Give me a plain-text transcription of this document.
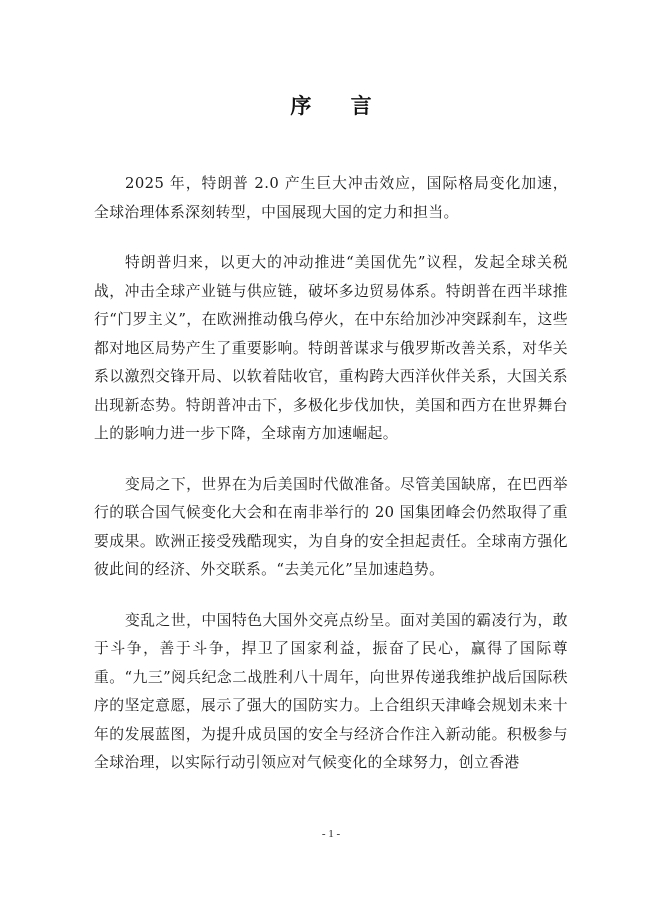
序 言

2025 年，特朗普 2.0 产生巨大冲击效应，国际格局变化加速，全球治理体系深刻转型，中国展现大国的定力和担当。

特朗普归来，以更大的冲动推进“美国优先”议程，发起全球关税战，冲击全球产业链与供应链，破坏多边贸易体系。特朗普在西半球推行“门罗主义”，在欧洲推动俄乌停火，在中东给加沙冲突踩刹车，这些都对地区局势产生了重要影响。特朗普谋求与俄罗斯改善关系，对华关系以激烈交锋开局、以软着陆收官，重构跨大西洋伙伴关系，大国关系出现新态势。特朗普冲击下，多极化步伐加快，美国和西方在世界舞台上的影响力进一步下降，全球南方加速崛起。

变局之下，世界在为后美国时代做准备。尽管美国缺席，在巴西举行的联合国气候变化大会和在南非举行的 20 国集团峰会仍然取得了重要成果。欧洲正接受残酷现实，为自身的安全担起责任。全球南方强化彼此间的经济、外交联系。“去美元化”呈加速趋势。

变乱之世，中国特色大国外交亮点纷呈。面对美国的霸凌行为，敢于斗争，善于斗争，捍卫了国家利益，振奋了民心，赢得了国际尊重。“九三”阅兵纪念二战胜利八十周年，向世界传递我维护战后国际秩序的坚定意愿，展示了强大的国防实力。上合组织天津峰会规划未来十年的发展蓝图，为提升成员国的安全与经济合作注入新动能。积极参与全球治理，以实际行动引领应对气候变化的全球努力，创立香港

- 1 -
